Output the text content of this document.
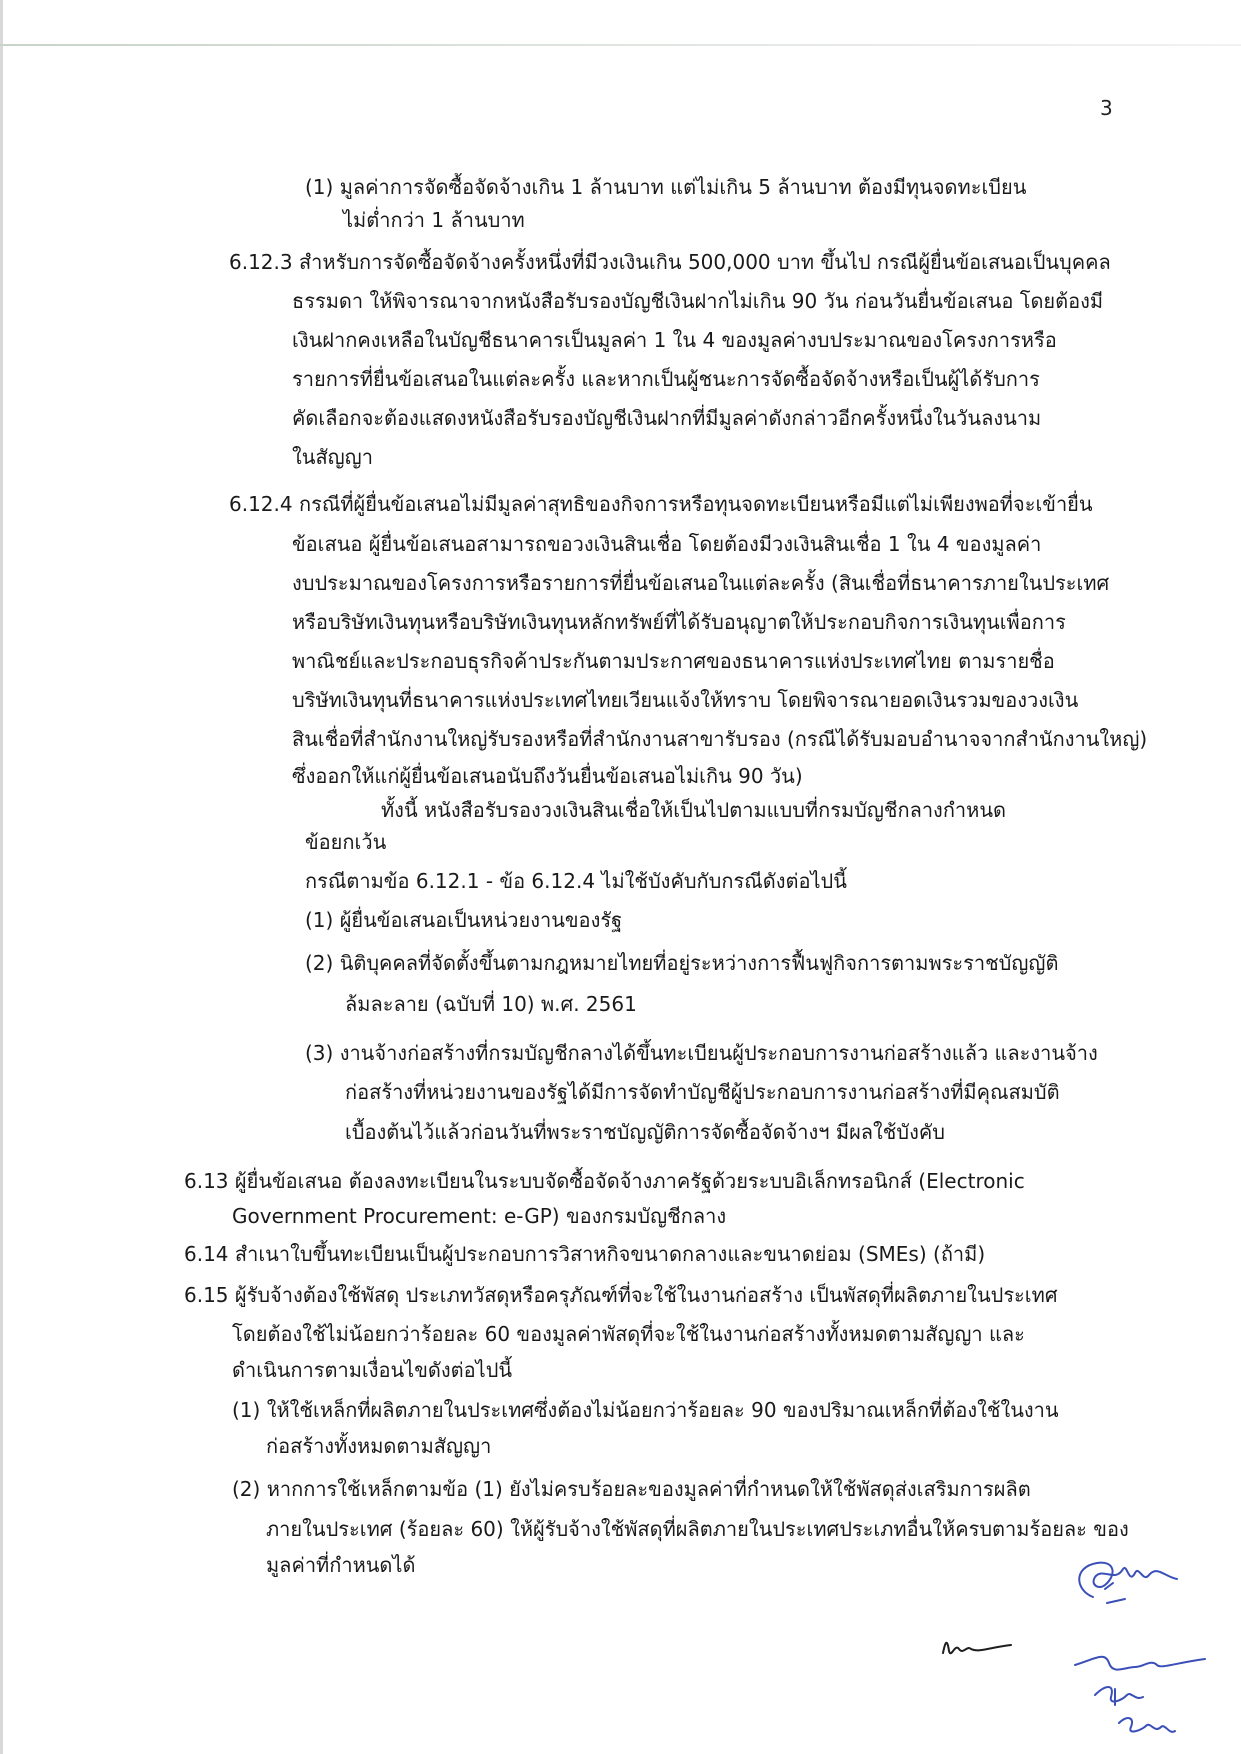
3
(1) มูลค่าการจัดซื้อจัดจ้างเกิน 1 ล้านบาท แต่ไม่เกิน 5 ล้านบาท ต้องมีทุนจดทะเบียน
ไม่ต่ำกว่า 1 ล้านบาท
6.12.3 สำหรับการจัดซื้อจัดจ้างครั้งหนึ่งที่มีวงเงินเกิน 500,000 บาท ขึ้นไป กรณีผู้ยื่นข้อเสนอเป็นบุคคล
ธรรมดา ให้พิจารณาจากหนังสือรับรองบัญชีเงินฝากไม่เกิน 90 วัน ก่อนวันยื่นข้อเสนอ โดยต้องมี
เงินฝากคงเหลือในบัญชีธนาคารเป็นมูลค่า 1 ใน 4 ของมูลค่างบประมาณของโครงการหรือ
รายการที่ยื่นข้อเสนอในแต่ละครั้ง และหากเป็นผู้ชนะการจัดซื้อจัดจ้างหรือเป็นผู้ได้รับการ
คัดเลือกจะต้องแสดงหนังสือรับรองบัญชีเงินฝากที่มีมูลค่าดังกล่าวอีกครั้งหนึ่งในวันลงนาม
ในสัญญา
6.12.4 กรณีที่ผู้ยื่นข้อเสนอไม่มีมูลค่าสุทธิของกิจการหรือทุนจดทะเบียนหรือมีแต่ไม่เพียงพอที่จะเข้ายื่น
ข้อเสนอ ผู้ยื่นข้อเสนอสามารถขอวงเงินสินเชื่อ โดยต้องมีวงเงินสินเชื่อ 1 ใน 4 ของมูลค่า
งบประมาณของโครงการหรือรายการที่ยื่นข้อเสนอในแต่ละครั้ง (สินเชื่อที่ธนาคารภายในประเทศ
หรือบริษัทเงินทุนหรือบริษัทเงินทุนหลักทรัพย์ที่ได้รับอนุญาตให้ประกอบกิจการเงินทุนเพื่อการ
พาณิชย์และประกอบธุรกิจค้าประกันตามประกาศของธนาคารแห่งประเทศไทย ตามรายชื่อ
บริษัทเงินทุนที่ธนาคารแห่งประเทศไทยเวียนแจ้งให้ทราบ โดยพิจารณายอดเงินรวมของวงเงิน
สินเชื่อที่สำนักงานใหญ่รับรองหรือที่สำนักงานสาขารับรอง (กรณีได้รับมอบอำนาจจากสำนักงานใหญ่)
ซึ่งออกให้แก่ผู้ยื่นข้อเสนอนับถึงวันยื่นข้อเสนอไม่เกิน 90 วัน)
ทั้งนี้ หนังสือรับรองวงเงินสินเชื่อให้เป็นไปตามแบบที่กรมบัญชีกลางกำหนด
ข้อยกเว้น
กรณีตามข้อ 6.12.1 - ข้อ 6.12.4 ไม่ใช้บังคับกับกรณีดังต่อไปนี้
(1) ผู้ยื่นข้อเสนอเป็นหน่วยงานของรัฐ
(2) นิติบุคคลที่จัดตั้งขึ้นตามกฎหมายไทยที่อยู่ระหว่างการฟื้นฟูกิจการตามพระราชบัญญัติ
ล้มละลาย (ฉบับที่ 10) พ.ศ. 2561
(3) งานจ้างก่อสร้างที่กรมบัญชีกลางได้ขึ้นทะเบียนผู้ประกอบการงานก่อสร้างแล้ว และงานจ้าง
ก่อสร้างที่หน่วยงานของรัฐได้มีการจัดทำบัญชีผู้ประกอบการงานก่อสร้างที่มีคุณสมบัติ
เบื้องต้นไว้แล้วก่อนวันที่พระราชบัญญัติการจัดซื้อจัดจ้างฯ มีผลใช้บังคับ
6.13 ผู้ยื่นข้อเสนอ ต้องลงทะเบียนในระบบจัดซื้อจัดจ้างภาครัฐด้วยระบบอิเล็กทรอนิกส์ (Electronic
Government Procurement: e-GP) ของกรมบัญชีกลาง
6.14 สำเนาใบขึ้นทะเบียนเป็นผู้ประกอบการวิสาหกิจขนาดกลางและขนาดย่อม (SMEs) (ถ้ามี)
6.15 ผู้รับจ้างต้องใช้พัสดุ ประเภทวัสดุหรือครุภัณฑ์ที่จะใช้ในงานก่อสร้าง เป็นพัสดุที่ผลิตภายในประเทศ
โดยต้องใช้ไม่น้อยกว่าร้อยละ 60 ของมูลค่าพัสดุที่จะใช้ในงานก่อสร้างทั้งหมดตามสัญญา และ
ดำเนินการตามเงื่อนไขดังต่อไปนี้
(1) ให้ใช้เหล็กที่ผลิตภายในประเทศซึ่งต้องไม่น้อยกว่าร้อยละ 90 ของปริมาณเหล็กที่ต้องใช้ในงาน
ก่อสร้างทั้งหมดตามสัญญา
(2) หากการใช้เหล็กตามข้อ (1) ยังไม่ครบร้อยละของมูลค่าที่กำหนดให้ใช้พัสดุส่งเสริมการผลิต
ภายในประเทศ (ร้อยละ 60) ให้ผู้รับจ้างใช้พัสดุที่ผลิตภายในประเทศประเภทอื่นให้ครบตามร้อยละ ของ
มูลค่าที่กำหนดได้
